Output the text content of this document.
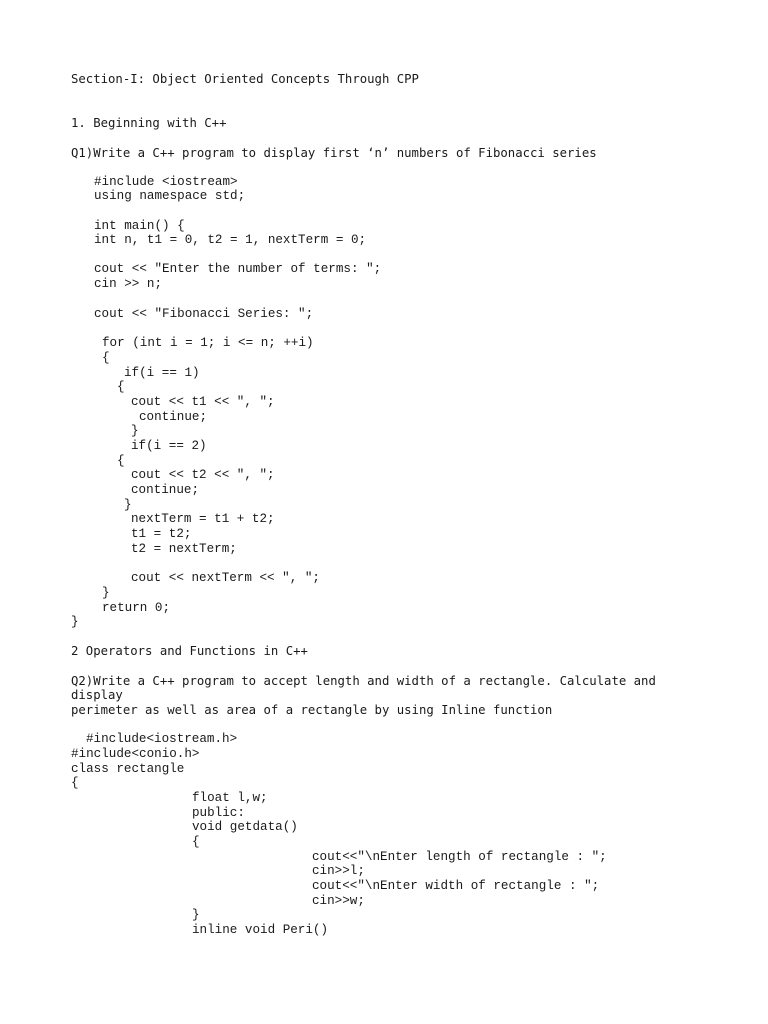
Section-I: Object Oriented Concepts Through CPP

1. Beginning with C++

Q1)Write a C++ program to display first ‘n’ numbers of Fibonacci series

#include <iostream>

using namespace std;

int main() {

int n, t1 = 0, t2 = 1, nextTerm = 0;

cout << "Enter the number of terms: ";

cin >> n;

cout << "Fibonacci Series: ";

for (int i = 1; i <= n; ++i)

{

if(i == 1)

{

cout << t1 << ", ";

continue;

}

if(i == 2)

{

cout << t2 << ", ";

continue;

}

nextTerm = t1 + t2;

t1 = t2;

t2 = nextTerm;

cout << nextTerm << ", ";

}

return 0;

}

2 Operators and Functions in C++

Q2)Write a C++ program to accept length and width of a rectangle. Calculate and

display

perimeter as well as area of a rectangle by using Inline function

#include<iostream.h>

#include<conio.h>

class rectangle

{

float l,w;

public:

void getdata()

{

cout<<"\nEnter length of rectangle : ";

cin>>l;

cout<<"\nEnter width of rectangle : ";

cin>>w;

}

inline void Peri()
